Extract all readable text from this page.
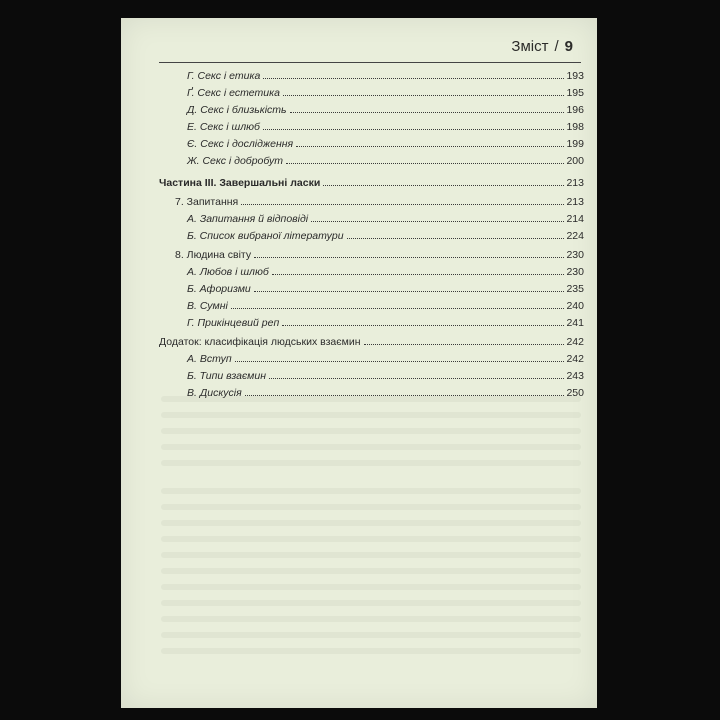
Зміст / 9
Г. Секс і етика	193
Ґ. Секс і естетика	195
Д. Секс і близькість	196
Е. Секс і шлюб	198
Є. Секс і дослідження	199
Ж. Секс і добробут	200
Частина ІІІ. Завершальні ласки	213
7. Запитання	213
А. Запитання й відповіді	214
Б. Список вибраної літератури	224
8. Людина світу	230
А. Любов і шлюб	230
Б. Афоризми	235
В. Сумні	240
Г. Прикінцевий реп	241
Додаток: класифікація людських взаємин	242
А. Вступ	242
Б. Типи взаємин	243
В. Дискусія	250
